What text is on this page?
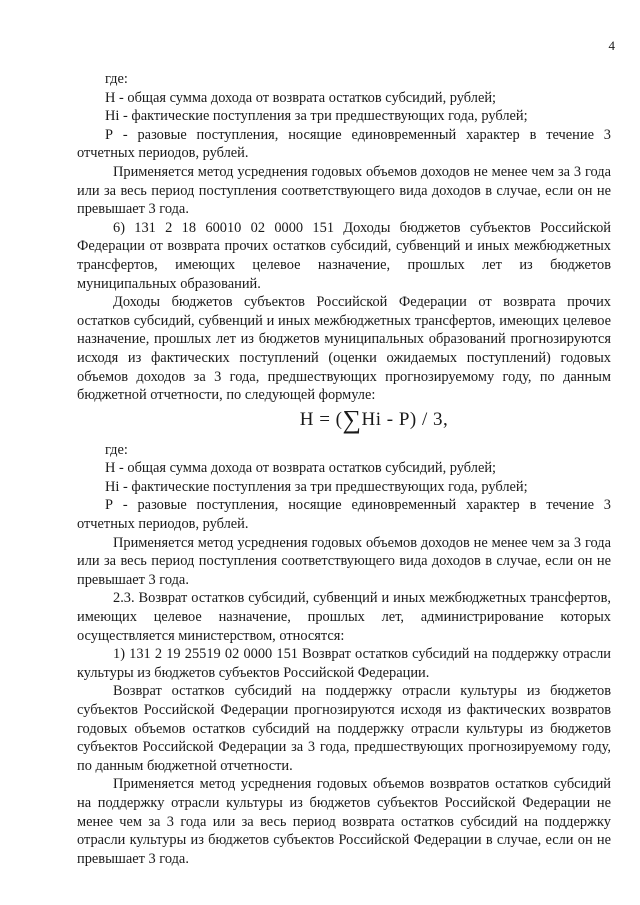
4

где:

Н - общая сумма дохода от возврата остатков субсидий, рублей;

Нi - фактические поступления за три предшествующих года, рублей;

Р - разовые поступления, носящие единовременный характер в течение 3 отчетных периодов, рублей.

Применяется метод усреднения годовых объемов доходов не менее чем за 3 года или за весь период поступления соответствующего вида доходов в случае, если он не превышает 3 года.

6) 131 2 18 60010 02 0000 151 Доходы бюджетов субъектов Российской Федерации от возврата прочих остатков субсидий, субвенций и иных межбюджетных трансфертов, имеющих целевое назначение, прошлых лет из бюджетов муниципальных образований.

Доходы бюджетов субъектов Российской Федерации от возврата прочих остатков субсидий, субвенций и иных межбюджетных трансфертов, имеющих целевое назначение, прошлых лет из бюджетов муниципальных образований прогнозируются исходя из фактических поступлений (оценки ожидаемых поступлений) годовых объемов доходов за 3 года, предшествующих прогнозируемому году, по данным бюджетной отчетности, по следующей формуле:

Н = (∑Нi - Р) / 3,

где:

Н - общая сумма дохода от возврата остатков субсидий, рублей;

Нi - фактические поступления за три предшествующих года, рублей;

Р - разовые поступления, носящие единовременный характер в течение 3 отчетных периодов, рублей.

Применяется метод усреднения годовых объемов доходов не менее чем за 3 года или за весь период поступления соответствующего вида доходов в случае, если он не превышает 3 года.

2.3. Возврат остатков субсидий, субвенций и иных межбюджетных трансфертов, имеющих целевое назначение, прошлых лет, администрирование которых осуществляется министерством, относятся:

1) 131 2 19 25519 02 0000 151 Возврат остатков субсидий на поддержку отрасли культуры из бюджетов субъектов Российской Федерации.

Возврат остатков субсидий на поддержку отрасли культуры из бюджетов субъектов Российской Федерации прогнозируются исходя из фактических возвратов годовых объемов остатков субсидий на поддержку отрасли культуры из бюджетов субъектов Российской Федерации за 3 года, предшествующих прогнозируемому году, по данным бюджетной отчетности.

Применяется метод усреднения годовых объемов возвратов остатков субсидий на поддержку отрасли культуры из бюджетов субъектов Российской Федерации не менее чем за 3 года или за весь период возврата остатков субсидий на поддержку отрасли культуры из бюджетов субъектов Российской Федерации в случае, если он не превышает 3 года.
